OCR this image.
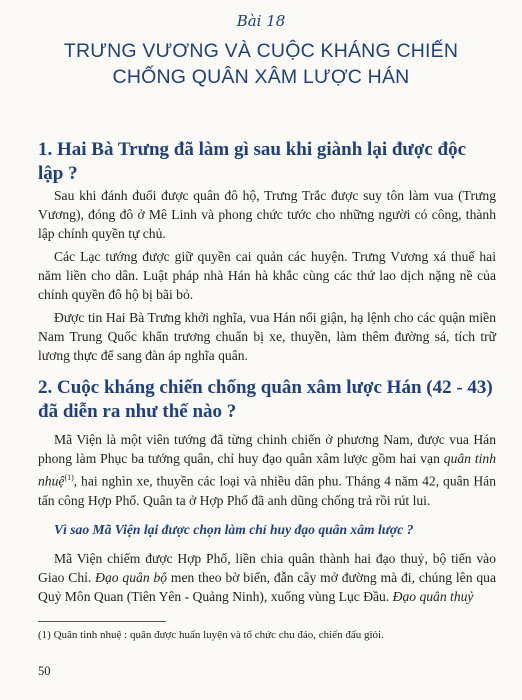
Bài 18
TRƯNG VƯƠNG VÀ CUỘC KHÁNG CHIẾN
CHỐNG QUÂN XÂM LƯỢC HÁN
1. Hai Bà Trưng đã làm gì sau khi giành lại được độc lập ?
Sau khi đánh đuổi được quân đô hộ, Trưng Trắc được suy tôn làm vua (Trưng Vương), đóng đô ở Mê Linh và phong chức tước cho những người có công, thành lập chính quyền tự chủ.
Các Lạc tướng được giữ quyền cai quản các huyện. Trưng Vương xá thuế hai năm liền cho dân. Luật pháp nhà Hán hà khắc cùng các thứ lao dịch nặng nề của chính quyền đô hộ bị bãi bỏ.
Được tin Hai Bà Trưng khởi nghĩa, vua Hán nổi giận, hạ lệnh cho các quận miền Nam Trung Quốc khẩn trương chuẩn bị xe, thuyền, làm thêm đường sá, tích trữ lương thực để sang đàn áp nghĩa quân.
2. Cuộc kháng chiến chống quân xâm lược Hán (42 - 43) đã diễn ra như thế nào ?
Mã Viện là một viên tướng đã từng chinh chiến ở phương Nam, được vua Hán phong làm Phục ba tướng quân, chỉ huy đạo quân xâm lược gồm hai vạn quân tinh nhuệ$^{(1)}$, hai nghìn xe, thuyền các loại và nhiều dân phu. Tháng 4 năm 42, quân Hán tấn công Hợp Phố. Quân ta ở Hợp Phố đã anh dũng chống trả rồi rút lui.
Vì sao Mã Viện lại được chọn làm chỉ huy đạo quân xâm lược ?
Mã Viện chiếm được Hợp Phố, liền chia quân thành hai đạo thuỷ, bộ tiến vào Giao Chỉ. Đạo quân bộ men theo bờ biển, đẫn cây mở đường mà đi, chúng lên qua Quỷ Môn Quan (Tiên Yên - Quảng Ninh), xuống vùng Lục Đầu. Đạo quân thuỷ
(1) Quân tinh nhuệ : quân được huấn luyện và tổ chức chu đáo, chiến đấu giỏi.
50
